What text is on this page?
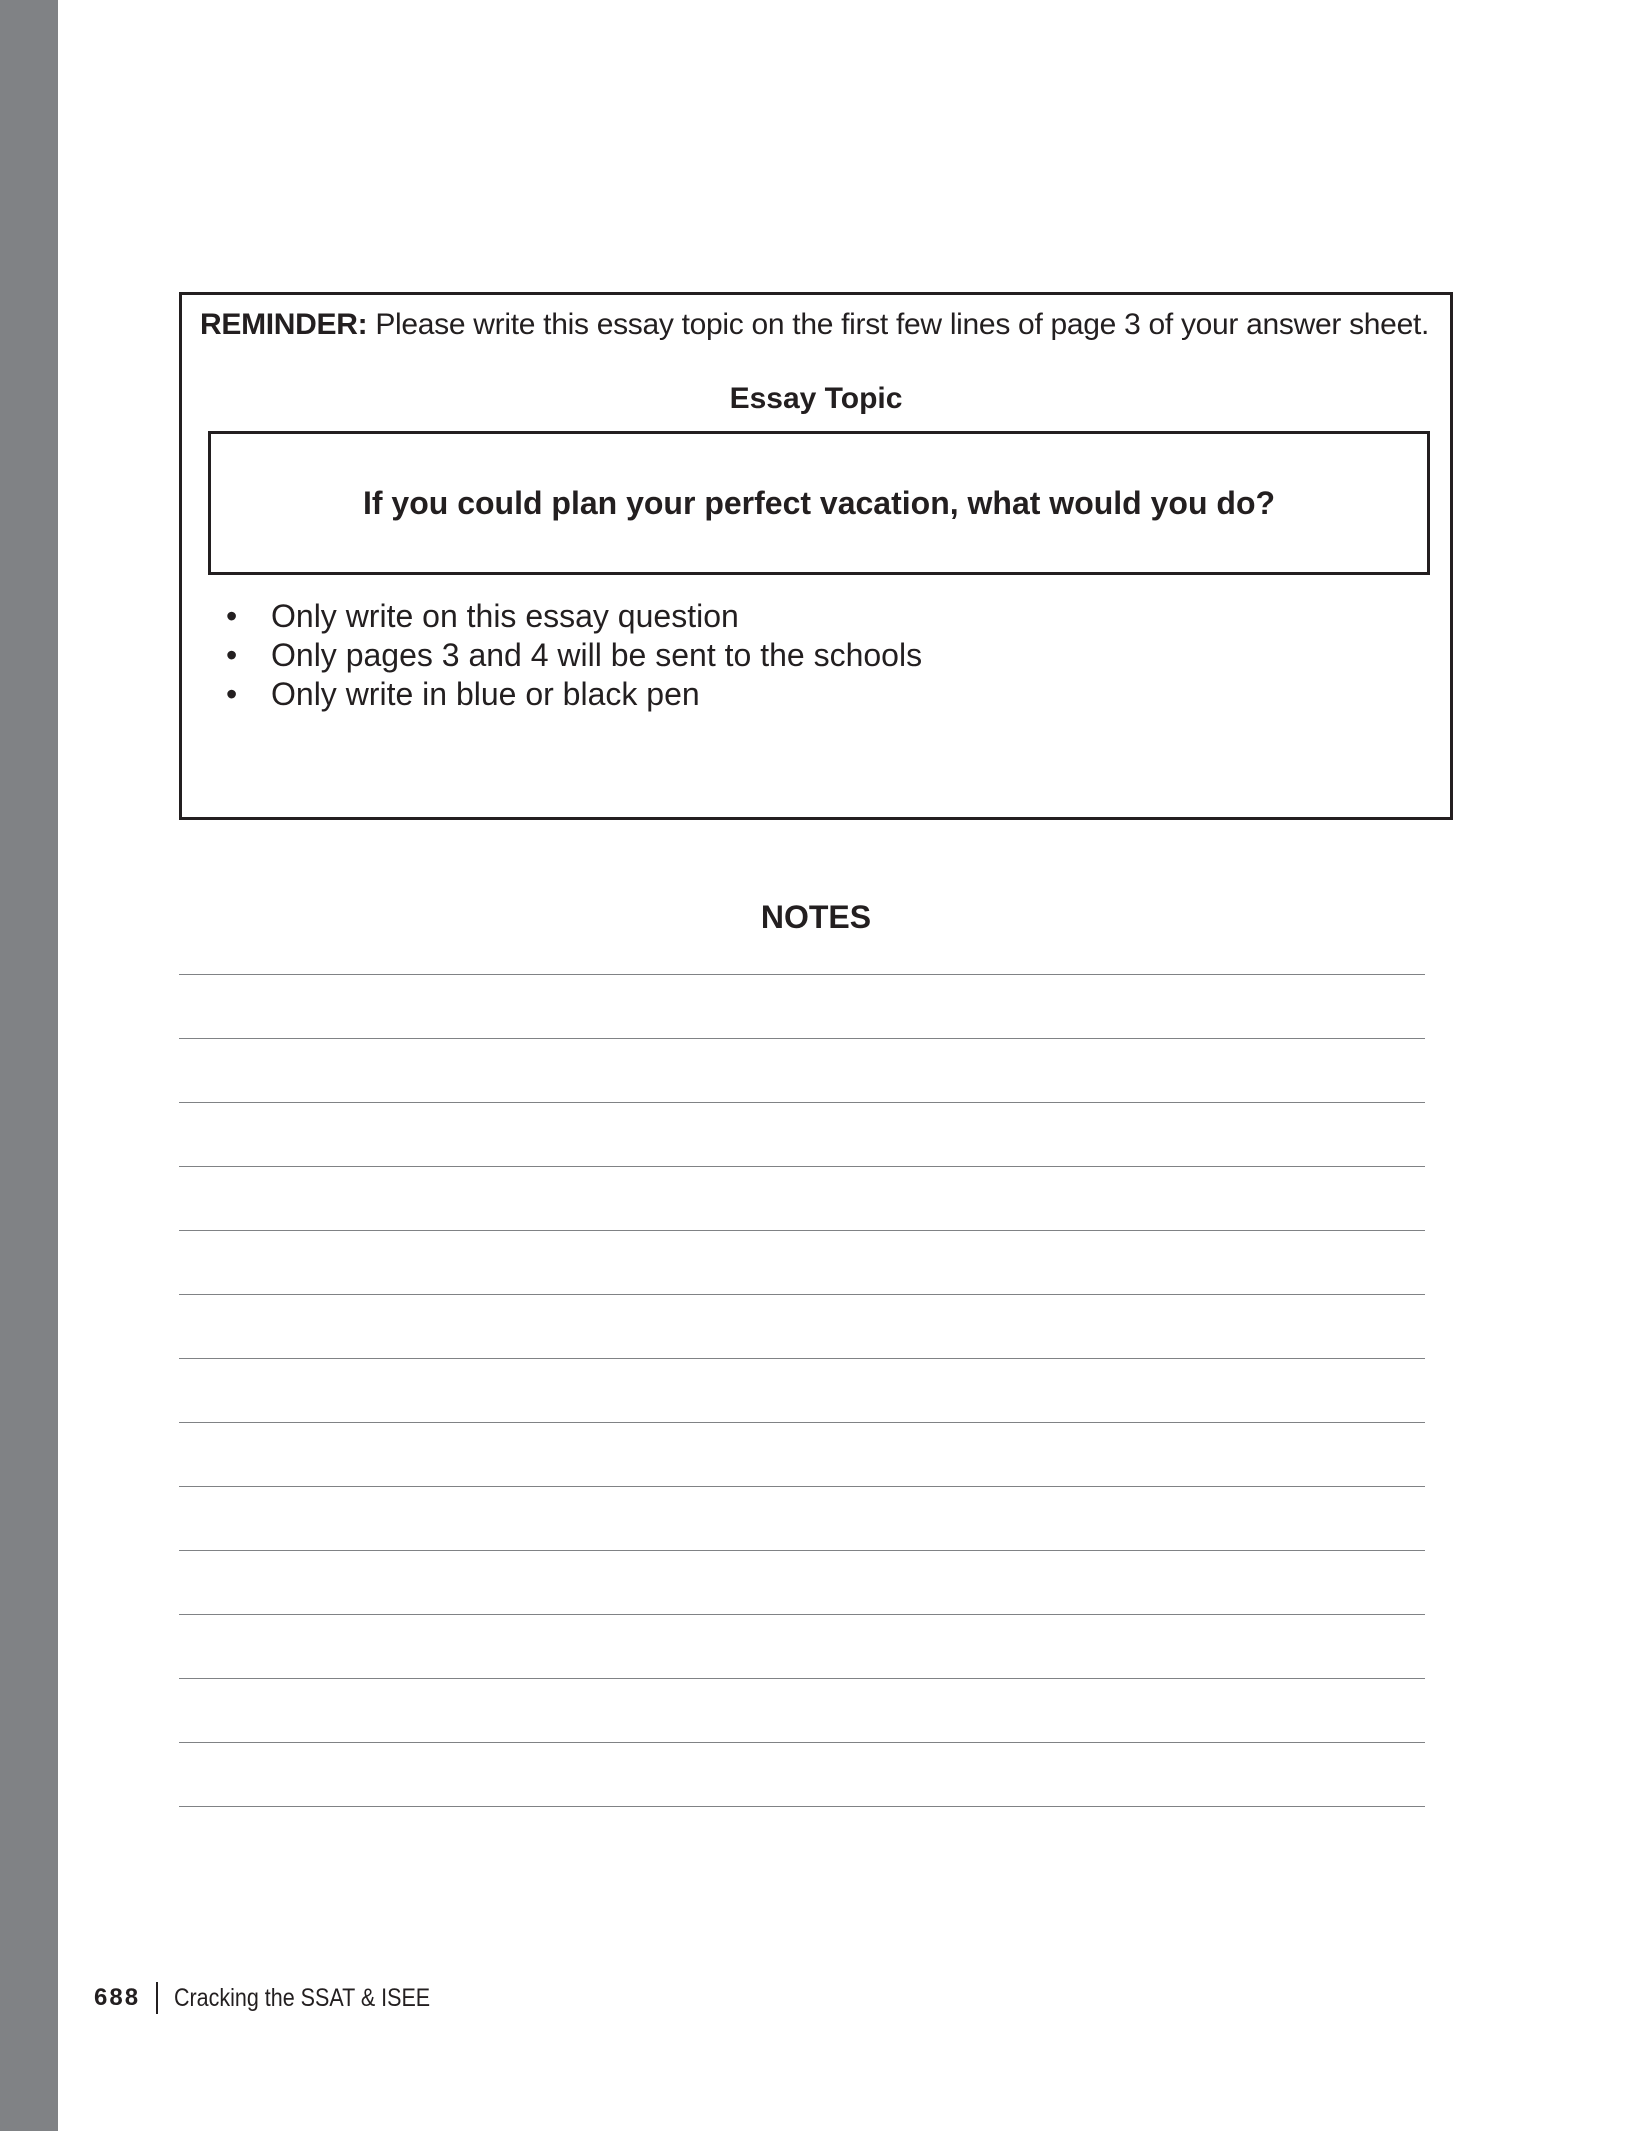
REMINDER: Please write this essay topic on the first few lines of page 3 of your answer sheet.
Essay Topic
If you could plan your perfect vacation, what would you do?
• Only write on this essay question
• Only pages 3 and 4 will be sent to the schools
• Only write in blue or black pen
NOTES
688 Cracking the SSAT & ISEE
